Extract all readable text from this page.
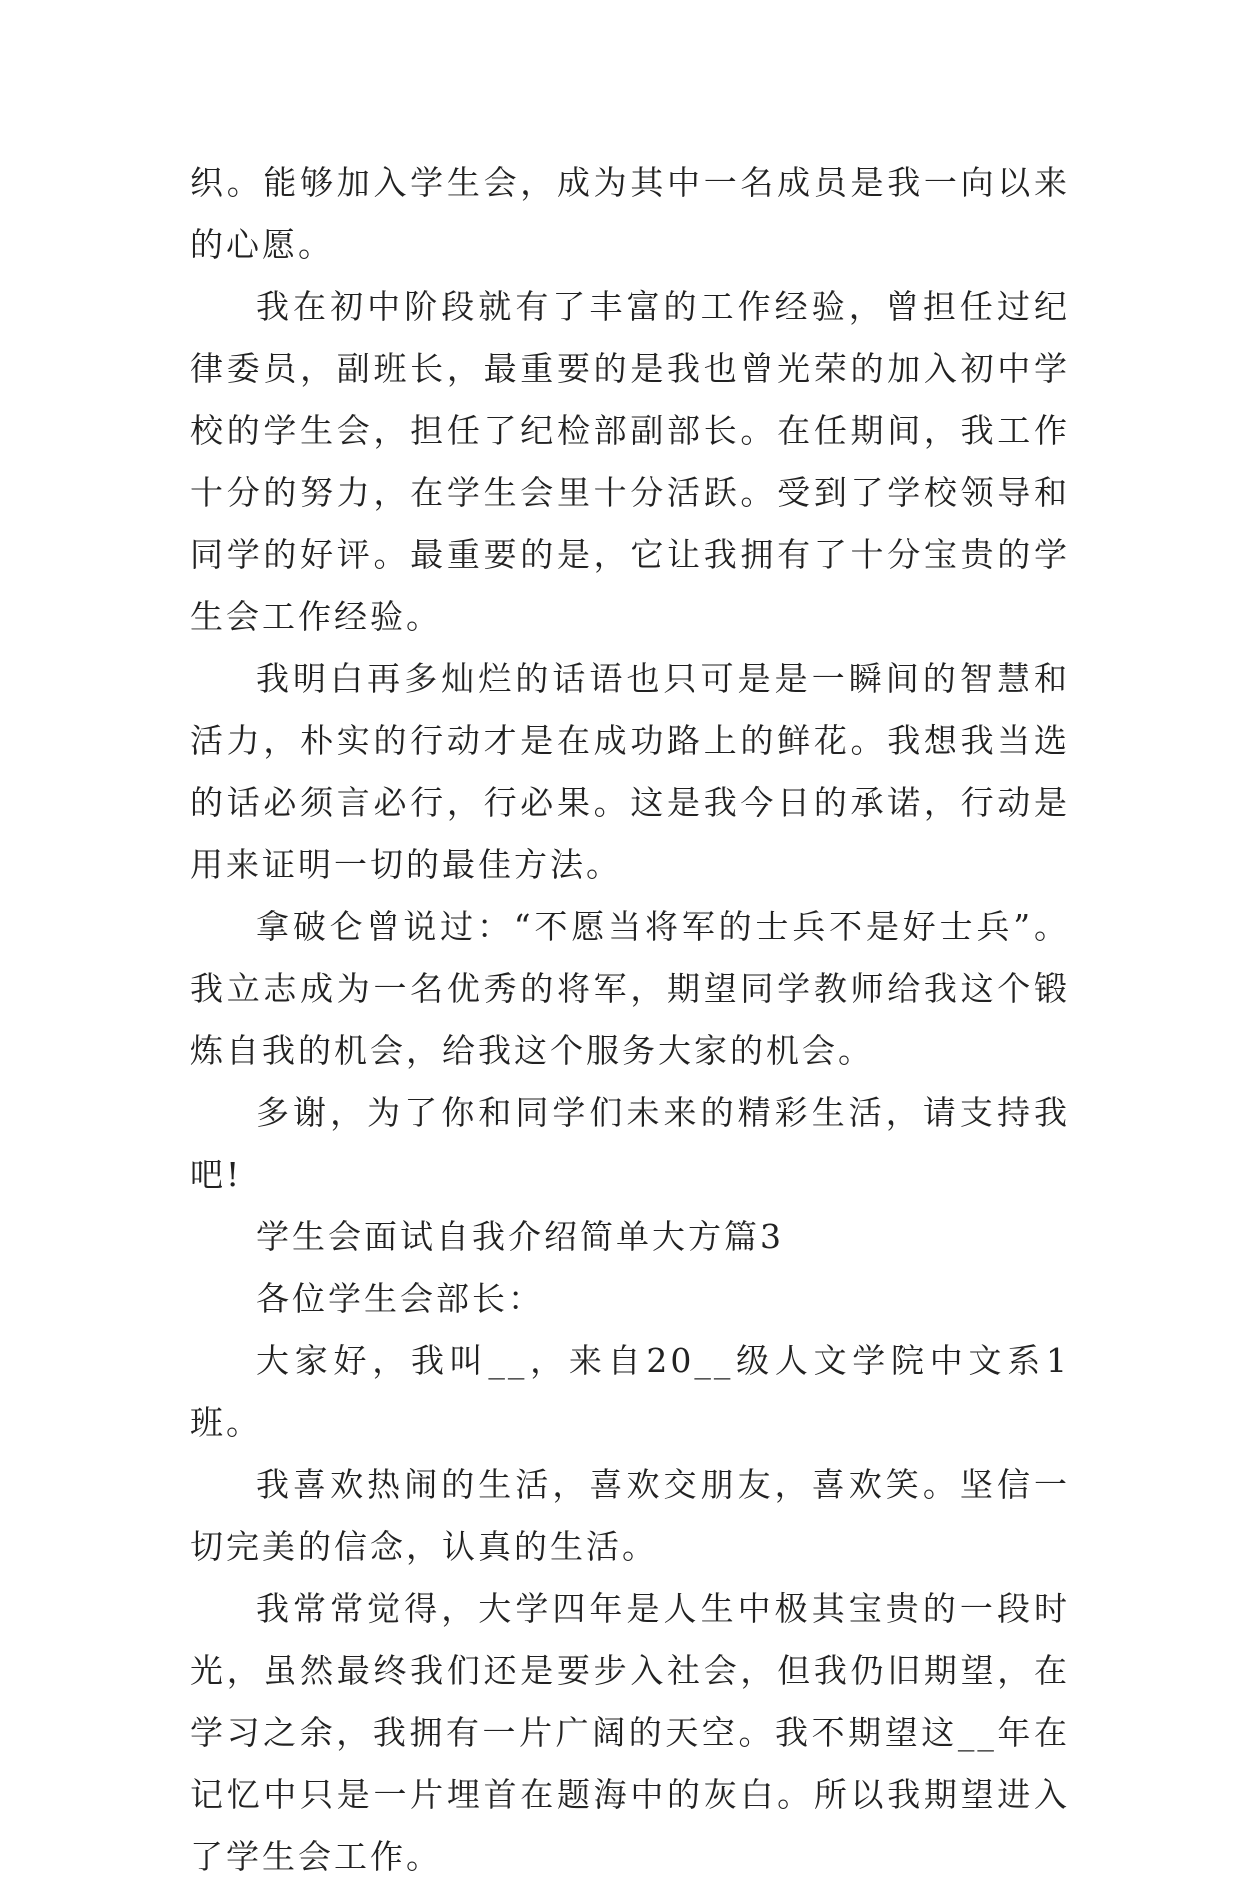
织。能够加入学生会，成为其中一名成员是我一向以来的心愿。

我在初中阶段就有了丰富的工作经验，曾担任过纪律委员，副班长，最重要的是我也曾光荣的加入初中学校的学生会，担任了纪检部副部长。在任期间，我工作十分的努力，在学生会里十分活跃。受到了学校领导和同学的好评。最重要的是，它让我拥有了十分宝贵的学生会工作经验。

我明白再多灿烂的话语也只可是是一瞬间的智慧和活力，朴实的行动才是在成功路上的鲜花。我想我当选的话必须言必行，行必果。这是我今日的承诺，行动是用来证明一切的最佳方法。

拿破仑曾说过：“不愿当将军的士兵不是好士兵”。我立志成为一名优秀的将军，期望同学教师给我这个锻炼自我的机会，给我这个服务大家的机会。

多谢，为了你和同学们未来的精彩生活，请支持我吧!

学生会面试自我介绍简单大方篇3

各位学生会部长：

大家好，我叫__，来自20__级人文学院中文系1班。

我喜欢热闹的生活，喜欢交朋友，喜欢笑。坚信一切完美的信念，认真的生活。

我常常觉得，大学四年是人生中极其宝贵的一段时光，虽然最终我们还是要步入社会，但我仍旧期望，在学习之余，我拥有一片广阔的天空。我不期望这__年在记忆中只是一片埋首在题海中的灰白。所以我期望进入了学生会工作。
